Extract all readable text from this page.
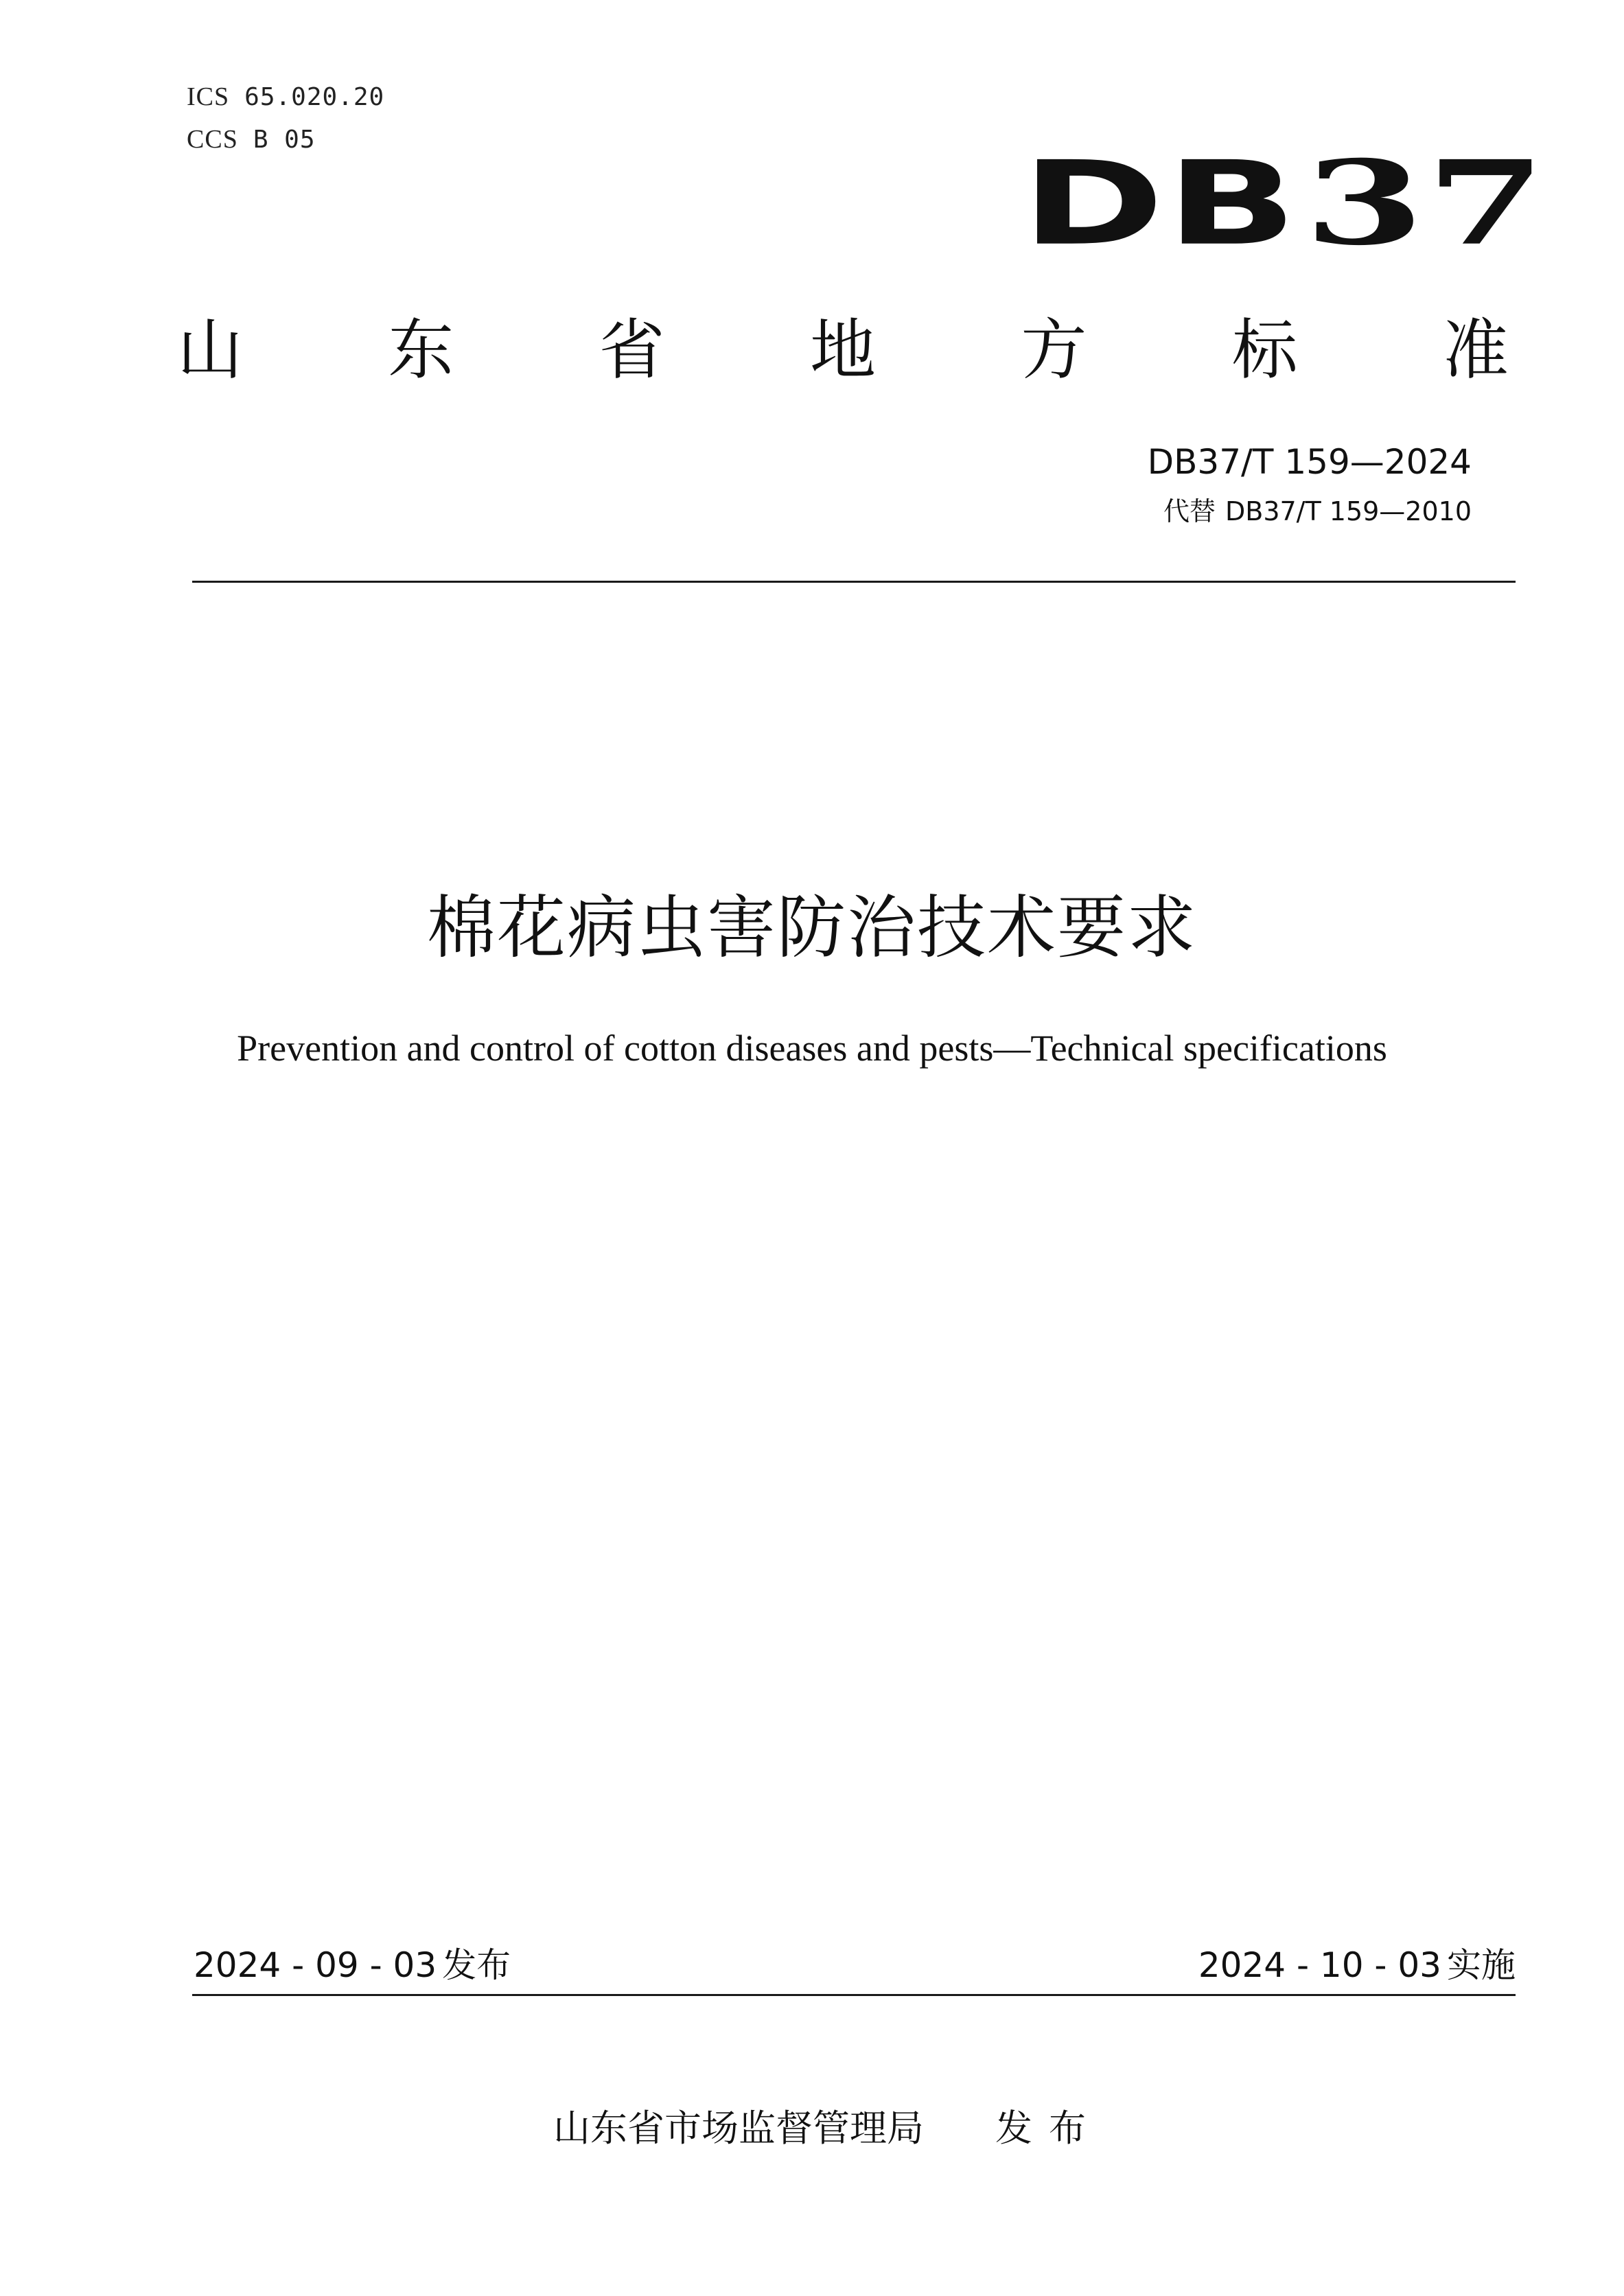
ICS 65.020.20
CCS B 05	DB37
山 东 省 地 方 标 准
DB37/T 159—2024
代替 DB37/T 159—2010
棉花病虫害防治技术要求
Prevention and control of cotton diseases and pests—Technical specifications
2024 - 09 - 03 发布	2024 - 10 - 03 实施
山东省市场监督管理局 发布
